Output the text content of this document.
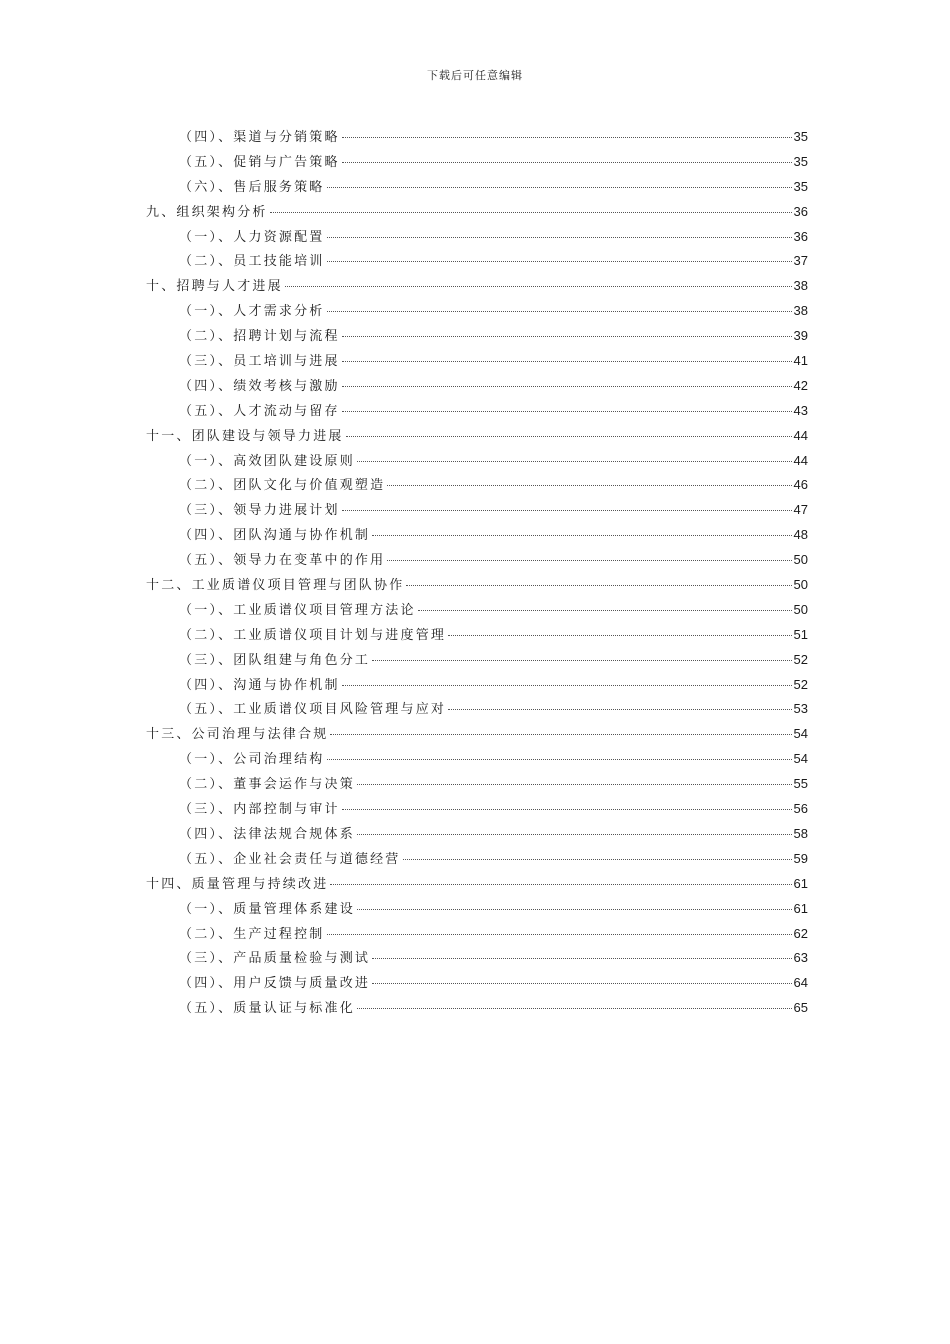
下载后可任意编辑
（四）、渠道与分销策略	35
（五）、促销与广告策略	35
（六）、售后服务策略	35
九、组织架构分析	36
（一）、人力资源配置	36
（二）、员工技能培训	37
十、招聘与人才进展	38
（一）、人才需求分析	38
（二）、招聘计划与流程	39
（三）、员工培训与进展	41
（四）、绩效考核与激励	42
（五）、人才流动与留存	43
十一、团队建设与领导力进展	44
（一）、高效团队建设原则	44
（二）、团队文化与价值观塑造	46
（三）、领导力进展计划	47
（四）、团队沟通与协作机制	48
（五）、领导力在变革中的作用	50
十二、工业质谱仪项目管理与团队协作	50
（一）、工业质谱仪项目管理方法论	50
（二）、工业质谱仪项目计划与进度管理	51
（三）、团队组建与角色分工	52
（四）、沟通与协作机制	52
（五）、工业质谱仪项目风险管理与应对	53
十三、公司治理与法律合规	54
（一）、公司治理结构	54
（二）、董事会运作与决策	55
（三）、内部控制与审计	56
（四）、法律法规合规体系	58
（五）、企业社会责任与道德经营	59
十四、质量管理与持续改进	61
（一）、质量管理体系建设	61
（二）、生产过程控制	62
（三）、产品质量检验与测试	63
（四）、用户反馈与质量改进	64
（五）、质量认证与标准化	65
